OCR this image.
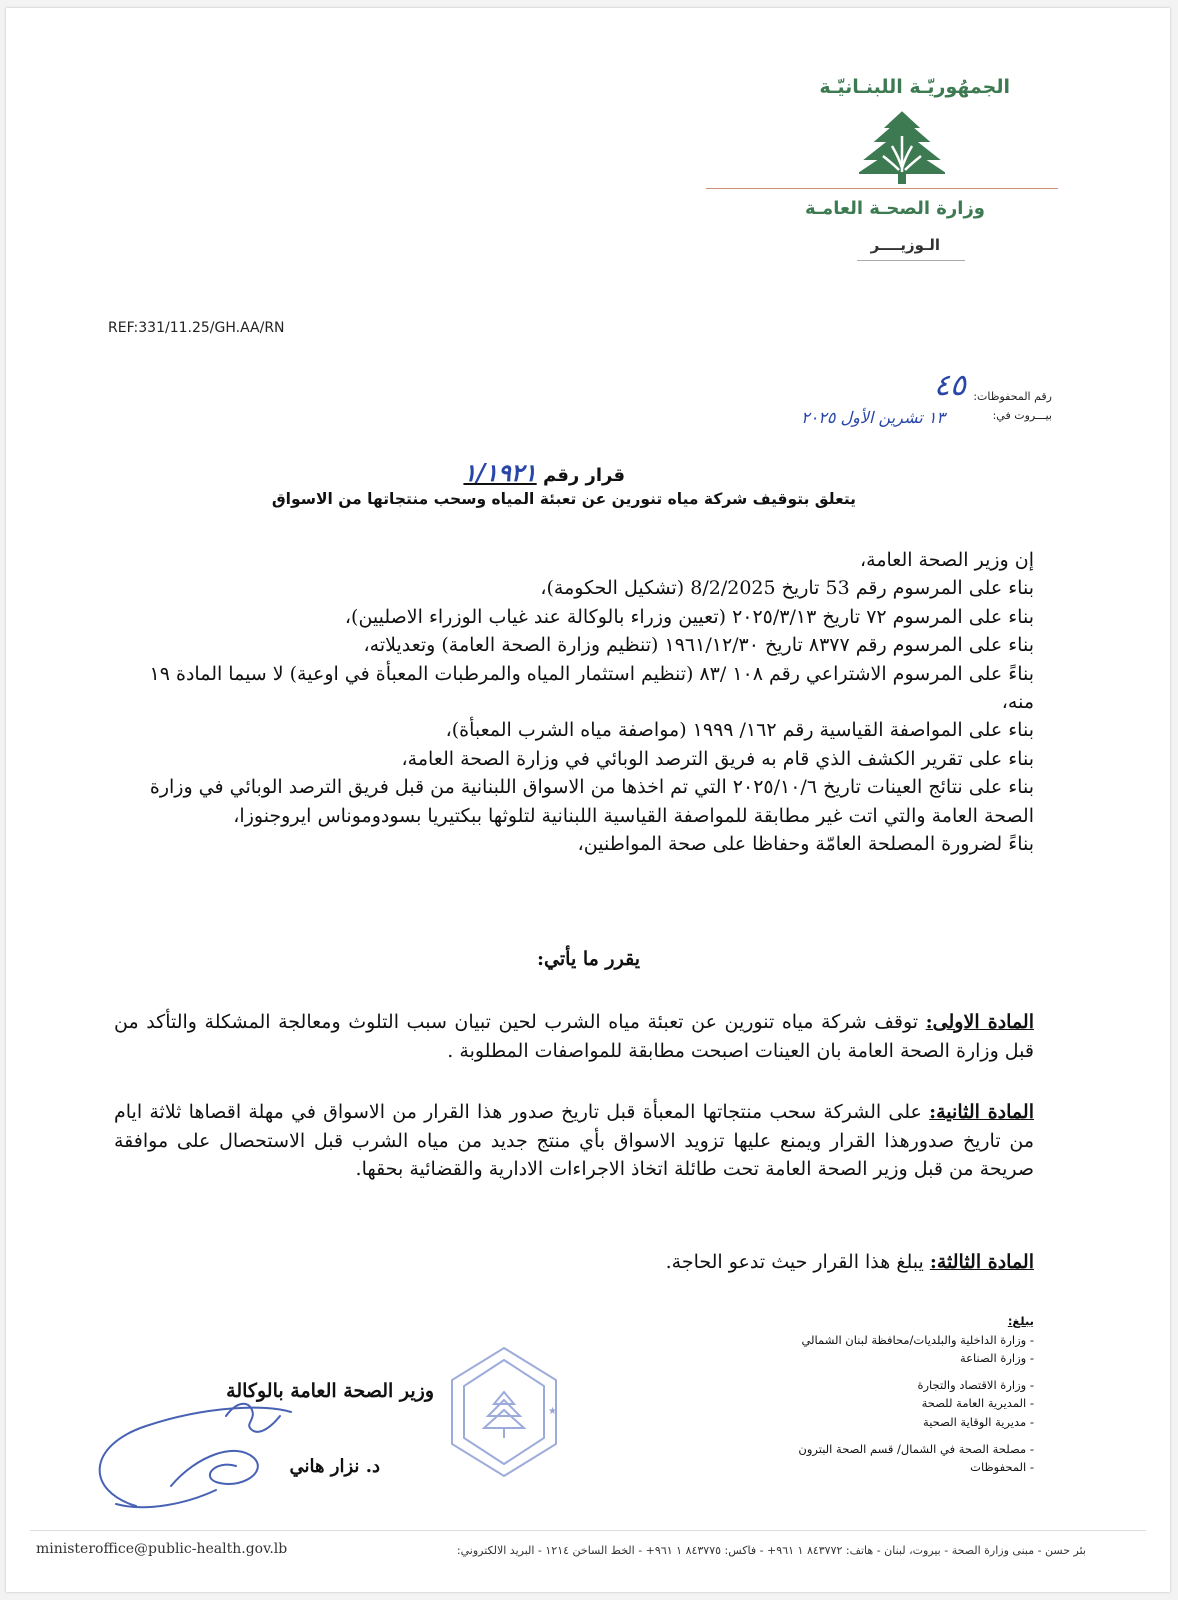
الجمهُوريّـة اللبنـانيّـة
وزارة الصحـة العامـة
الـوزيــــر
REF:331/11.25/GH.AA/RN
رقم المحفوظات:
٤٥
بيـــروت في:
١٣ تشرين الأول ٢٠٢٥
قرار رقم ١/١٩٢١
يتعلق بتوقيف شركة مياه تنورين عن تعبئة المياه وسحب منتجاتها من الاسواق

إن وزير الصحة العامة،

بناء على المرسوم رقم 53 تاريخ 8/2/2025 (تشكيل الحكومة)،

بناء على المرسوم ٧٢ تاريخ ٢٠٢٥/٣/١٣ (تعيين وزراء بالوكالة عند غياب الوزراء الاصليين)،

بناء على المرسوم رقم ٨٣٧٧ تاريخ ١٩٦١/١٢/٣٠ (تنظيم وزارة الصحة العامة) وتعديلاته،

بناءً على المرسوم الاشتراعي رقم ١٠٨ /٨٣ (تنظيم استثمار المياه والمرطبات المعبأة في اوعية) لا سيما المادة ١٩ منه،

بناء على المواصفة القياسية رقم ١٦٢/ ١٩٩٩ (مواصفة مياه الشرب المعبأة)،

بناء على تقرير الكشف الذي قام به فريق الترصد الوبائي في وزارة الصحة العامة،

بناء على نتائج العينات تاريخ ٢٠٢٥/١٠/٦ التي تم اخذها من الاسواق اللبنانية من قبل فريق الترصد الوبائي في وزارة الصحة العامة والتي اتت غير مطابقة للمواصفة القياسية اللبنانية لتلوثها ببكتيريا بسودوموناس ايروجنوزا،

بناءً لضرورة المصلحة العامّة وحفاظا على صحة المواطنين،

يقرر ما يأتي:
المادة الاولى: توقف شركة مياه تنورين عن تعبئة مياه الشرب لحين تبيان سبب التلوث ومعالجة المشكلة والتأكد من قبل وزارة الصحة العامة بان العينات اصبحت مطابقة للمواصفات المطلوبة .
المادة الثانية: على الشركة سحب منتجاتها المعبأة قبل تاريخ صدور هذا القرار من الاسواق في مهلة اقصاها ثلاثة ايام من تاريخ صدورهذا القرار ويمنع عليها تزويد الاسواق بأي منتج جديد من مياه الشرب قبل الاستحصال على موافقة صريحة من قبل وزير الصحة العامة تحت طائلة اتخاذ الاجراءات الادارية والقضائية بحقها.
المادة الثالثة: يبلغ هذا القرار حيث تدعو الحاجة.
يبلغ:
- وزارة الداخلية والبلديات/محافظة لبنان الشمالي
- وزارة الصناعة
- وزارة الاقتصاد والتجارة
- المديرية العامة للصحة
- مديرية الوقاية الصحية
- مصلحة الصحة في الشمال/ قسم الصحة البترون
- المحفوظات
★
وزير الصحة العامة بالوكالة
د. نزار هاني
بئر حسن - مبنى وزارة الصحة - بيروت، لبنان - هاتف: ٨٤٣٧٧٢ ١ ٩٦١+ - فاكس: ٨٤٣٧٧٥ ١ ٩٦١+ - الخط الساخن ١٢١٤ - البريد الالكتروني:
ministeroffice@public-health.gov.lb
